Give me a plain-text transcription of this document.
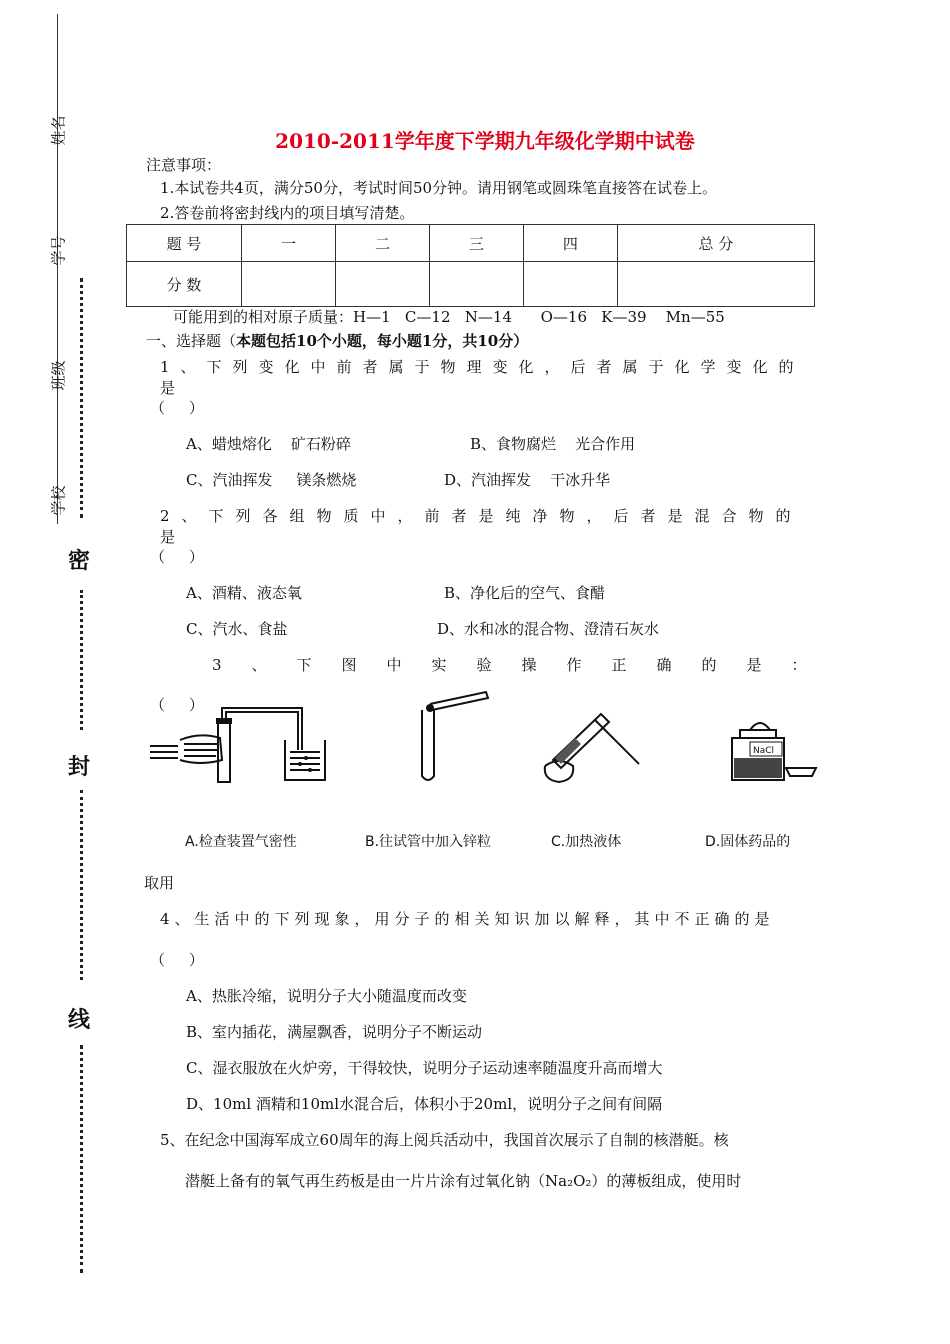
姓名
学号
班级
学校
密
封
线
2010-2011学年度下学期九年级化学期中试卷
注意事项：
1.本试卷共4页，满分50分，考试时间50分钟。请用钢笔或圆珠笔直接答在试卷上。
2.答卷前将密封线内的项目填写清楚。
题 号	一	二	三	四	总 分
分 数					
可能用到的相对原子质量：H—1   C—12   N—14      O—16   K—39    Mn—55
一、选择题（本题包括10个小题，每小题1分，共10分）
1、下列变化中前者属于物理变化，后者属于化学变化的是
（     ）
A、蜡烛熔化    矿石粉碎	B、食物腐烂    光合作用
C、汽油挥发     镁条燃烧	D、汽油挥发    干冰升华
2、下列各组物质中，前者是纯净物，后者是混合物的是
（     ）
A、酒精、液态氧	B、净化后的空气、食醋
C、汽水、食盐	D、水和冰的混合物、澄清石灰水
3、下图中实验操作正确的是：
（     ）
NaCl
A.检查装置气密性	B.往试管中加入锌粒	C.加热液体	D.固体药品的
取用
4、生活中的下列现象，用分子的相关知识加以解释，其中不正确的是
（     ）
A、热胀冷缩，说明分子大小随温度而改变
B、室内插花，满屋飘香，说明分子不断运动
C、湿衣服放在火炉旁，干得较快，说明分子运动速率随温度升高而增大
D、10ml 酒精和10ml水混合后，体积小于20ml，说明分子之间有间隔
5、在纪念中国海军成立60周年的海上阅兵活动中，我国首次展示了自制的核潜艇。核
潜艇上备有的氧气再生药板是由一片片涂有过氧化钠（Na₂O₂）的薄板组成，使用时
